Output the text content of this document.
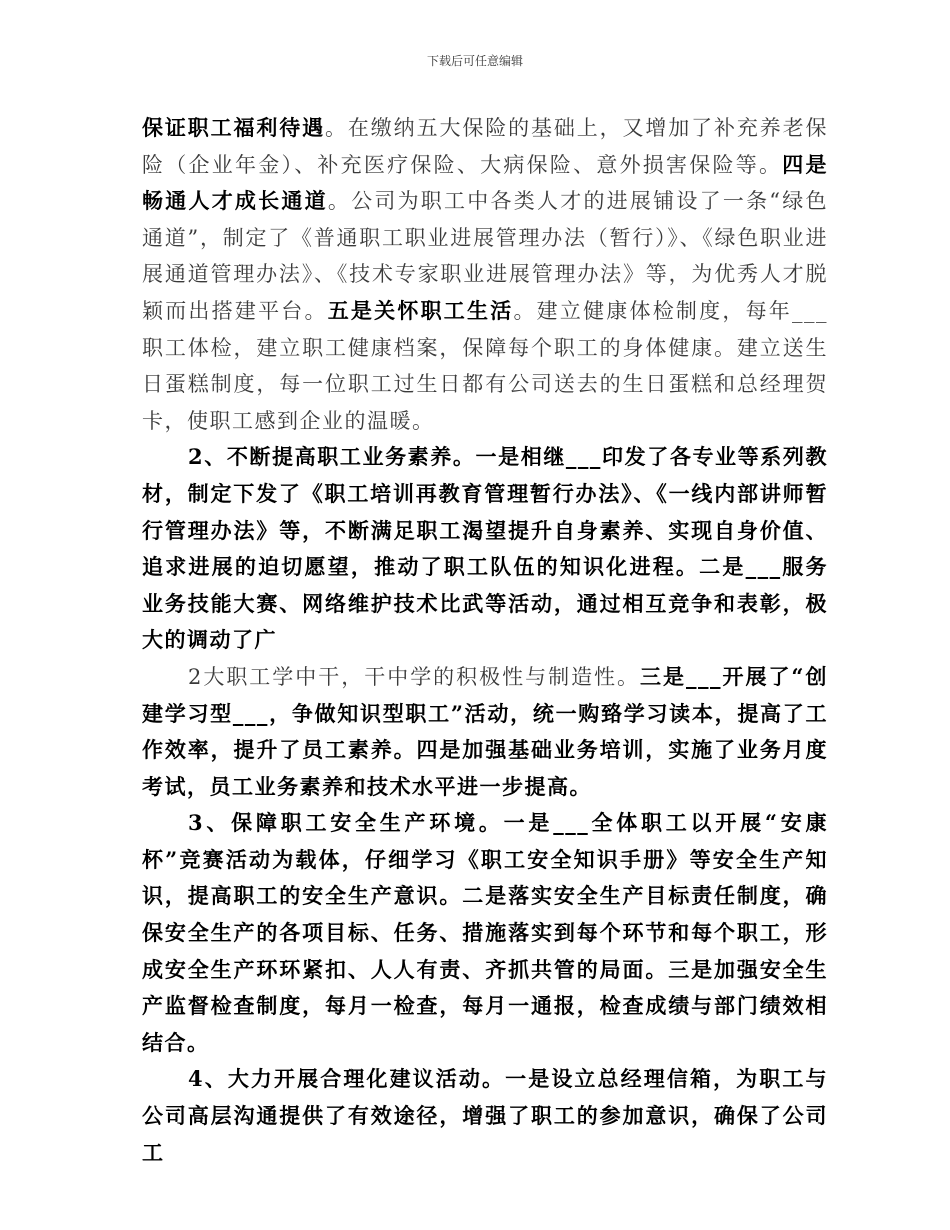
下载后可任意编辑

保证职工福利待遇。在缴纳五大保险的基础上，又增加了补充养老保险（企业年金）、补充医疗保险、大病保险、意外损害保险等。四是畅通人才成长通道。公司为职工中各类人才的进展铺设了一条“绿色通道”，制定了《普通职工职业进展管理办法（暂行）》、《绿色职业进展通道管理办法》、《技术专家职业进展管理办法》等，为优秀人才脱颖而出搭建平台。五是关怀职工生活。建立健康体检制度，每年___职工体检，建立职工健康档案，保障每个职工的身体健康。建立送生日蛋糕制度，每一位职工过生日都有公司送去的生日蛋糕和总经理贺卡，使职工感到企业的温暖。

2、不断提高职工业务素养。一是相继___印发了各专业等系列教材，制定下发了《职工培训再教育管理暂行办法》、《一线内部讲师暂行管理办法》等，不断满足职工渴望提升自身素养、实现自身价值、追求进展的迫切愿望，推动了职工队伍的知识化进程。二是___服务业务技能大赛、网络维护技术比武等活动，通过相互竞争和表彰，极大的调动了广

2大职工学中干，干中学的积极性与制造性。三是___开展了“创建学习型___，争做知识型职工”活动，统一购臵学习读本，提高了工作效率，提升了员工素养。四是加强基础业务培训，实施了业务月度考试，员工业务素养和技术水平进一步提高。

3、保障职工安全生产环境。一是___全体职工以开展“安康杯”竞赛活动为载体，仔细学习《职工安全知识手册》等安全生产知识，提高职工的安全生产意识。二是落实安全生产目标责任制度，确保安全生产的各项目标、任务、措施落实到每个环节和每个职工，形成安全生产环环紧扣、人人有责、齐抓共管的局面。三是加强安全生产监督检查制度，每月一检查，每月一通报，检查成绩与部门绩效相结合。

4、大力开展合理化建议活动。一是设立总经理信箱，为职工与公司高层沟通提供了有效途径，增强了职工的参加意识，确保了公司工
